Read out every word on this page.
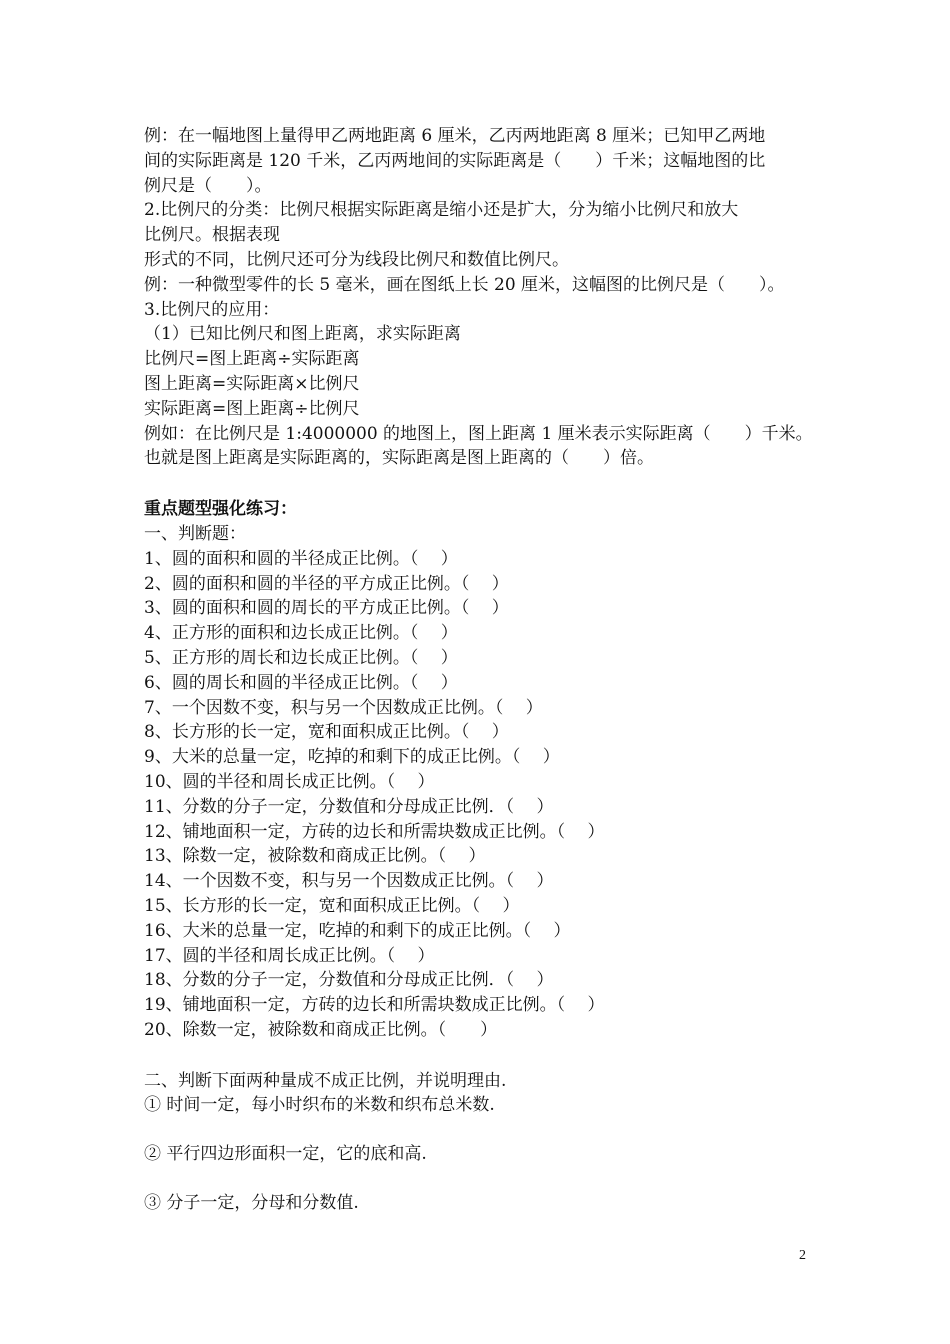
例：在一幅地图上量得甲乙两地距离 6 厘米，乙丙两地距离 8 厘米；已知甲乙两地
间的实际距离是 120 千米，乙丙两地间的实际距离是（　　）千米；这幅地图的比
例尺是（　　）。
2.比例尺的分类：比例尺根据实际距离是缩小还是扩大，分为缩小比例尺和放大
比例尺。根据表现
形式的不同，比例尺还可分为线段比例尺和数值比例尺。
例：一种微型零件的长 5 毫米，画在图纸上长 20 厘米，这幅图的比例尺是（　　）。
3.比例尺的应用：
（1）已知比例尺和图上距离，求实际距离
比例尺=图上距离÷实际距离
图上距离=实际距离×比例尺
实际距离=图上距离÷比例尺
例如：在比例尺是 1:4000000 的地图上，图上距离 1 厘米表示实际距离（　　）千米。
也就是图上距离是实际距离的，实际距离是图上距离的（　　）倍。
重点题型强化练习：
一、判断题：
1、圆的面积和圆的半径成正比例。（　 ）
2、圆的面积和圆的半径的平方成正比例。（　 ）
3、圆的面积和圆的周长的平方成正比例。（　 ）
4、正方形的面积和边长成正比例。（　 ）
5、正方形的周长和边长成正比例。（　 ）
6、圆的周长和圆的半径成正比例。（　 ）
7、一个因数不变，积与另一个因数成正比例。（　 ）
8、长方形的长一定，宽和面积成正比例。（　 ）
9、大米的总量一定，吃掉的和剩下的成正比例。（　 ）
10、圆的半径和周长成正比例。（　 ）
11、分数的分子一定，分数值和分母成正比例．（　 ）
12、铺地面积一定，方砖的边长和所需块数成正比例。（　 ）
13、除数一定，被除数和商成正比例。（　 ）
14、一个因数不变，积与另一个因数成正比例。（　 ）
15、长方形的长一定，宽和面积成正比例。（　 ）
16、大米的总量一定，吃掉的和剩下的成正比例。（　 ）
17、圆的半径和周长成正比例。（　 ）
18、分数的分子一定，分数值和分母成正比例．（　 ）
19、铺地面积一定，方砖的边长和所需块数成正比例。（　 ）
20、除数一定，被除数和商成正比例。（　　）
二、判断下面两种量成不成正比例，并说明理由.
① 时间一定，每小时织布的米数和织布总米数.
② 平行四边形面积一定，它的底和高.
③ 分子一定，分母和分数值.
2
